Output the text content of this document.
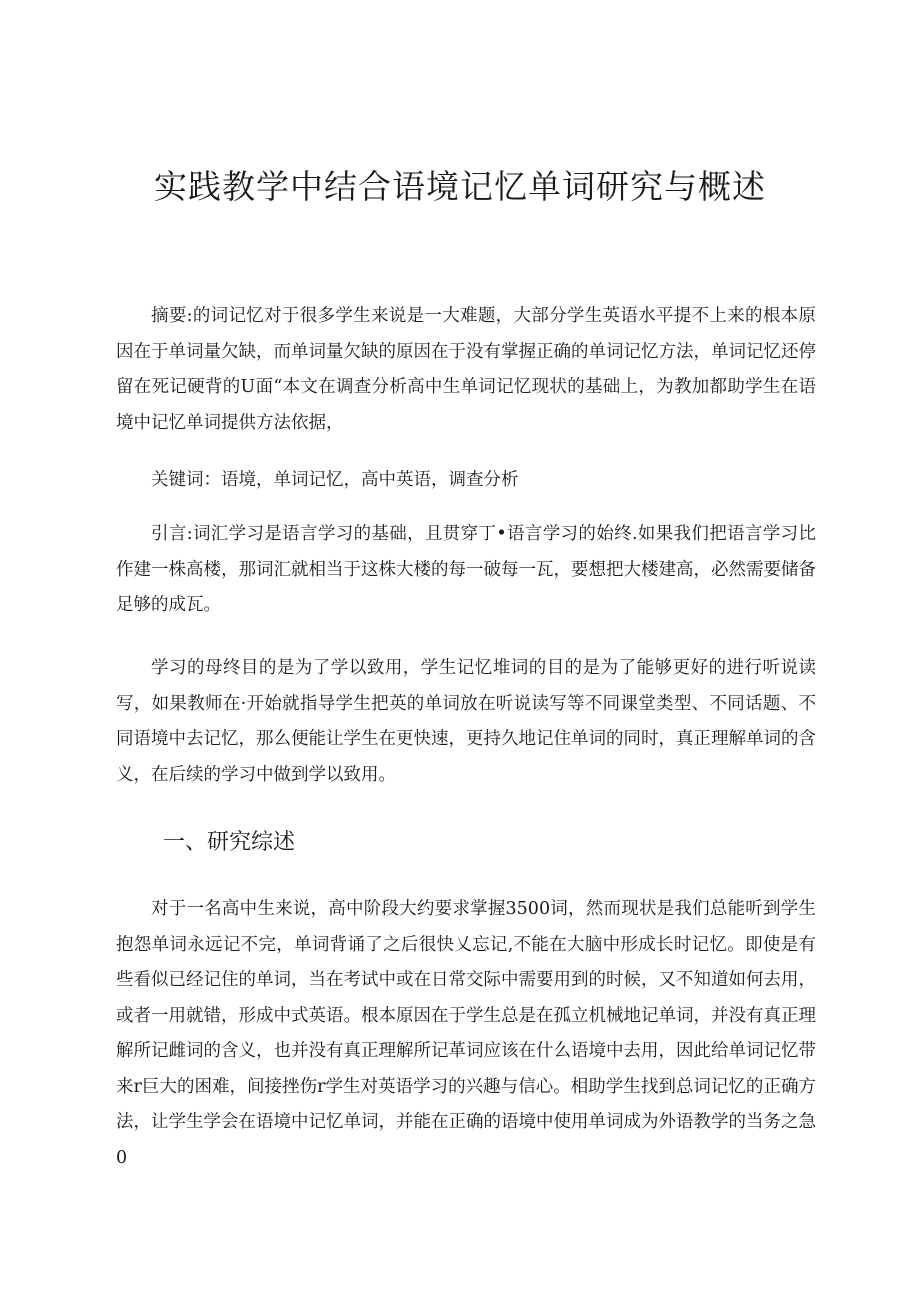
实践教学中结合语境记忆单词研究与概述

摘要:的词记忆对于很多学生来说是一大难题，大部分学生英语水平提不上来的根本原因在于单词量欠缺，而单词量欠缺的原因在于没有掌握正确的单词记忆方法，单词记忆还停留在死记硬背的U面“本文在调查分析高中生单词记忆现状的基础上，为教加都助学生在语境中记忆单词提供方法依据，

关键词：语境，单词记忆，高中英语，调查分析

引言:词汇学习是语言学习的基础，且贯穿丁•语言学习的始终.如果我们把语言学习比作建一株高楼，那词汇就相当于这株大楼的每一破每一瓦，要想把大楼建高，必然需要储备足够的成瓦。

学习的母终目的是为了学以致用，学生记忆堆词的目的是为了能够更好的进行听说读写，如果教师在·开始就指导学生把英的单词放在听说读写等不同课堂类型、不同话题、不同语境中去记忆，那么便能让学生在更快速，更持久地记住单词的同时，真正理解单词的含义，在后续的学习中做到学以致用。

一、研究综述

对于一名高中生来说，高中阶段大约要求掌握3500词，然而现状是我们总能听到学生抱怨单词永远记不完，单词背诵了之后很快乂忘记,不能在大脑中形成长时记忆。即使是有些看似已经记住的单词，当在考试中或在日常交际中需要用到的时候，又不知道如何去用，或者一用就错，形成中式英语。根本原因在于学生总是在孤立机械地记单词，并没有真正理解所记雌词的含义，也并没有真正理解所记革词应该在什么语境中去用，因此给单词记忆带来r巨大的困难，间接挫伤r学生对英语学习的兴趣与信心。相助学生找到总词记忆的正确方法，让学生学会在语境中记忆单词，并能在正确的语境中使用单词成为外语教学的当务之急0
